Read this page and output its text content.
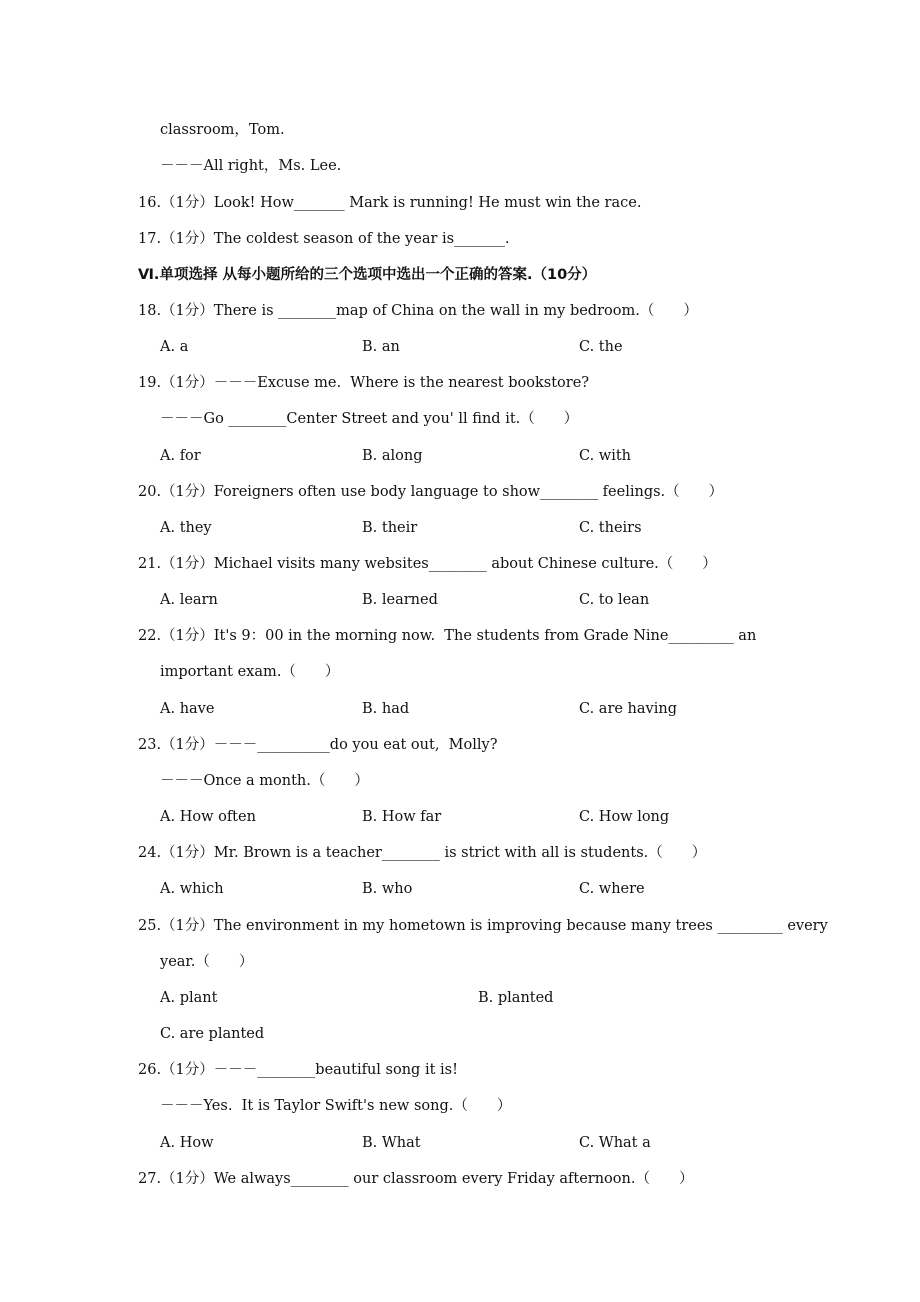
classroom，Tom.
－－－All right，Ms. Lee.
16.（1分）Look! How_______ Mark is running! He must win the race.
17.（1分）The coldest season of the year is_______.
Ⅵ.单项选择 从每小题所给的三个选项中选出一个正确的答案.（10分）
18.（1分）There is ________map of China on the wall in my bedroom.（　　）
A. a	B. an	C. the
19.（1分）－－－Excuse me.  Where is the nearest bookstore?
－－－Go ________Center Street and you' ll find it.（　　）
A. for	B. along	C. with
20.（1分）Foreigners often use body language to show________ feelings.（　　）
A. they	B. their	C. theirs
21.（1分）Michael visits many websites________ about Chinese culture.（　　）
A. learn	B. learned	C. to lean
22.（1分）It's 9：00 in the morning now.  The students from Grade Nine_________ an
important exam.（　　）
A. have	B. had	C. are having
23.（1分）－－－__________do you eat out,  Molly?
－－－Once a month.（　　）
A. How often	B. How far	C. How long
24.（1分）Mr. Brown is a teacher________ is strict with all is students.（　　）
A. which	B. who	C. where
25.（1分）The environment in my hometown is improving because many trees _________ every
year.（　　）
A. plant	B. planted
C. are planted
26.（1分）－－－________beautiful song it is!
－－－Yes.  It is Taylor Swift's new song.（　　）
A. How	B. What	C. What a
27.（1分）We always________ our classroom every Friday afternoon.（　　）
